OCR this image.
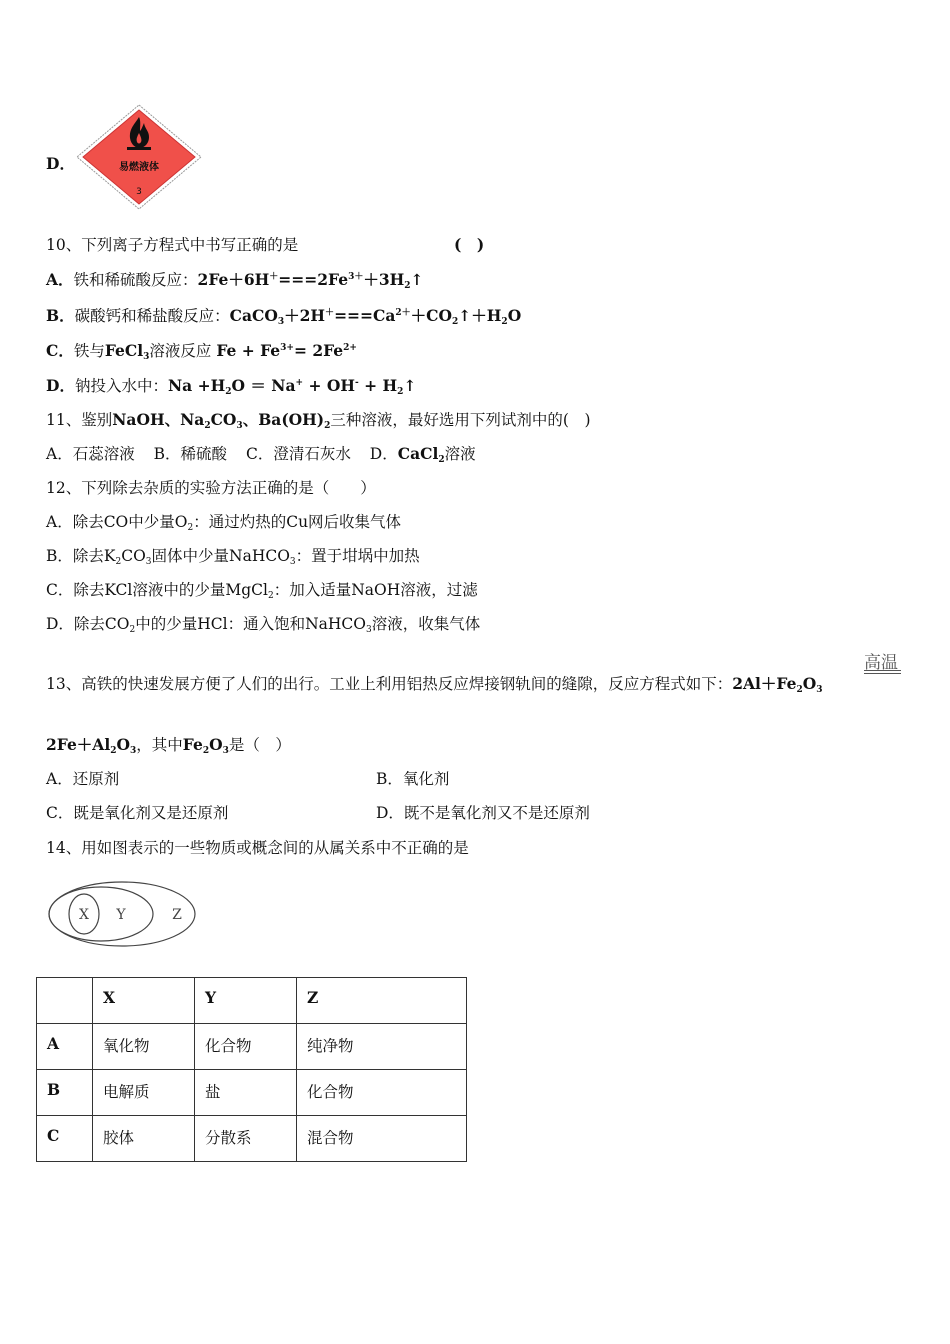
D．	易燃液体
3
10、下列离子方程式中书写正确的是	(　)
A．铁和稀硫酸反应：$2Fe+6H^+===2Fe^{3+}+3H_2↑$
B．碳酸钙和稀盐酸反应：$CaCO_3+2H^+===Ca^{2+}+CO_2↑+H_2O$
C．铁与FeCl$_3$溶液反应 $Fe + Fe^{3+}= 2Fe^{2+}$
D．钠投入水中：$Na +H_2O = Na^+ + OH^-$ + $H_2↑$
11、鉴别NaOH、$Na_2CO_3$、$Ba(OH)_2$三种溶液，最好选用下列试剂中的(　)
A．石蕊溶液 B．稀硫酸 C．澄清石灰水 D．CaCl$_2$溶液
12、下列除去杂质的实验方法正确的是（　　）
A．除去CO中少量$O_2$：通过灼热的Cu网后收集气体
B．除去$K_2CO_3$固体中少量NaHCO$_3$：置于坩埚中加热
C．除去KCl溶液中的少量MgCl$_2$：加入适量NaOH溶液，过滤
D．除去$CO_2$中的少量HCl：通入饱和NaHCO$_3$溶液，收集气体
高温
13、高铁的快速发展方便了人们的出行。工业上利用铝热反应焊接钢轨间的缝隙，反应方程式如下：$2Al+Fe_2O_3$
$2Fe+Al_2O_3$，其中$Fe_2O_3$是（　）
A．还原剂	B．氧化剂
C．既是氧化剂又是还原剂	D．既不是氧化剂又不是还原剂
14、用如图表示的一些物质或概念间的从属关系中不正确的是
X Y	Z
	X	Y	Z
A	氧化物	化合物	纯净物
B	电解质	盐	化合物
C	胶体	分散系	混合物
